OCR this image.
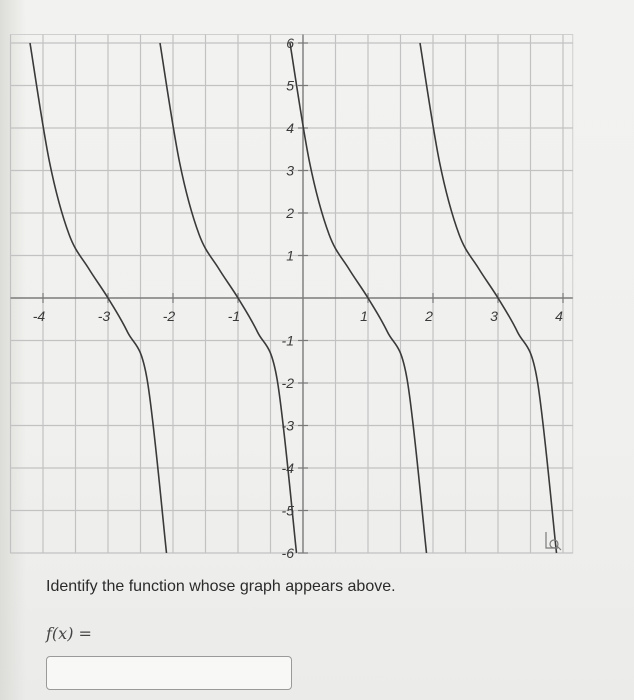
-4	-3	-2	-1	1	2	3	4
6
5
4
3
2
1
-1
-2
-3
-4
-5
-6
Identify the function whose graph appears above.
f(x) =
